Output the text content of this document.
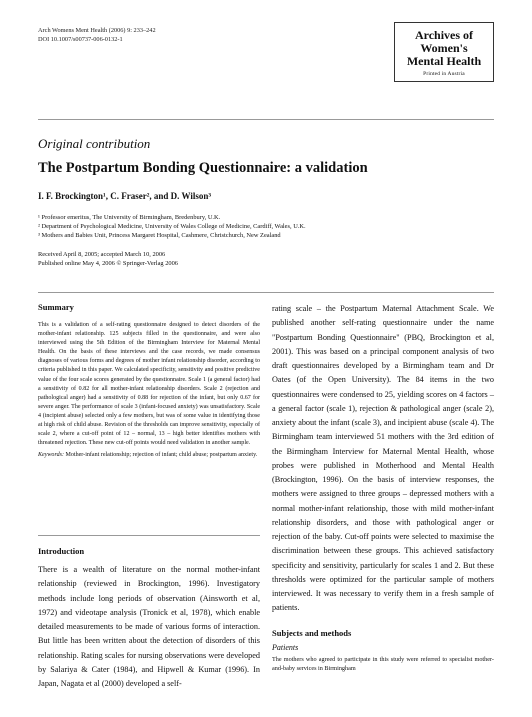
Arch Womens Ment Health (2006) 9: 233–242
DOI 10.1007/s00737-006-0132-1	Archives of
Women's
Mental Health
Printed in Austria
Original contribution
The Postpartum Bonding Questionnaire: a validation
I. F. Brockington¹, C. Fraser², and D. Wilson³
¹ Professor emeritus, The University of Birmingham, Bredenbury, U.K.
² Department of Psychological Medicine, University of Wales College of Medicine, Cardiff, Wales, U.K.
³ Mothers and Babies Unit, Princess Margaret Hospital, Cashmere, Christchurch, New Zealand
Received April 8, 2005; accepted March 10, 2006
Published online May 4, 2006 © Springer-Verlag 2006
Summary

This is a validation of a self-rating questionnaire designed to detect disorders of the mother-infant relationship. 125 subjects filled in the questionnaire, and were also interviewed using the 5th Edition of the Birmingham Interview for Maternal Mental Health. On the basis of these interviews and the case records, we made consensus diagnoses of various forms and degrees of mother infant relationship disorder, according to criteria published in this paper. We calculated specificity, sensitivity and positive predictive value of the four scale scores generated by the questionnaire. Scale 1 (a general factor) had a sensitivity of 0.82 for all mother-infant relationship disorders. Scale 2 (rejection and pathological anger) had a sensitivity of 0.88 for rejection of the infant, but only 0.67 for severe anger. The performance of scale 3 (infant-focused anxiety) was unsatisfactory. Scale 4 (incipient abuse) selected only a few mothers, but was of some value in identifying those at high risk of child abuse. Revision of the thresholds can improve sensitivity, especially of scale 2, where a cut-off point of 12 – normal, 13 – high better identifies mothers with threatened rejection. These new cut-off points would need validation in another sample.

Keywords: Mother-infant relationship; rejection of infant; child abuse; postpartum anxiety.

Introduction

There is a wealth of literature on the normal mother-infant relationship (reviewed in Brockington, 1996). Investigatory methods include long periods of observation (Ainsworth et al, 1972) and videotape analysis (Tronick et al, 1978), which enable detailed measurements to be made of various forms of interaction. But little has been written about the detection of disorders of this relationship. Rating scales for nursing observations were developed by Salariya & Cater (1984), and Hipwell & Kumar (1996). In Japan, Nagata et al (2000) developed a self-

rating scale – the Postpartum Maternal Attachment Scale. We published another self-rating questionnaire under the name "Postpartum Bonding Questionnaire" (PBQ, Brockington et al, 2001). This was based on a principal component analysis of two draft questionnaires developed by a Birmingham team and Dr Oates (of the Open University). The 84 items in the two questionnaires were condensed to 25, yielding scores on 4 factors – a general factor (scale 1), rejection & pathological anger (scale 2), anxiety about the infant (scale 3), and incipient abuse (scale 4). The Birmingham team interviewed 51 mothers with the 3rd edition of the Birmingham Interview for Maternal Mental Health, whose probes were published in Motherhood and Mental Health (Brockington, 1996). On the basis of interview responses, the mothers were assigned to three groups – depressed mothers with a normal mother-infant relationship, those with mild mother-infant relationship disorders, and those with pathological anger or rejection of the baby. Cut-off points were selected to maximise the discrimination between these groups. This achieved satisfactory specificity and sensitivity, particularly for scales 1 and 2. But these thresholds were optimized for the particular sample of mothers interviewed. It was necessary to verify them in a fresh sample of patients.

Subjects and methods
Patients

The mothers who agreed to participate in this study were referred to specialist mother-and-baby services in Birmingham
